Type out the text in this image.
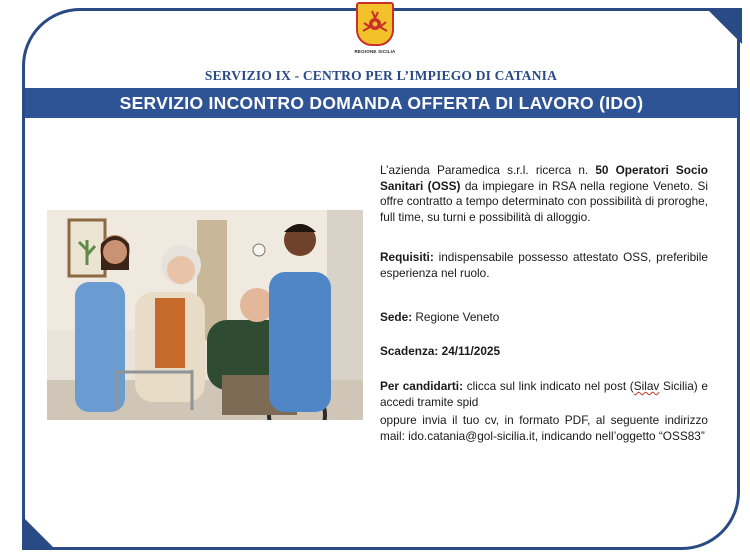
REGIONE SICILIA
SERVIZIO IX - CENTRO PER L’IMPIEGO DI CATANIA
SERVIZIO INCONTRO DOMANDA OFFERTA DI LAVORO (IDO)
L’azienda Paramedica s.r.l. ricerca n. 50 Operatori Socio Sanitari (OSS) da impiegare in RSA nella regione Veneto. Si offre contratto a tempo determinato con possibilità di proroghe, full time, su turni e possibilità di alloggio.
Requisiti: indispensabile possesso attestato OSS, preferibile esperienza nel ruolo.
Sede: Regione Veneto
Scadenza: 24/11/2025
Per candidarti: clicca sul link indicato nel post (Silav Sicilia) e accedi tramite spid
oppure invia il tuo cv, in formato PDF, al seguente indirizzo mail: ido.catania@gol-sicilia.it, indicando nell’oggetto “OSS83”
